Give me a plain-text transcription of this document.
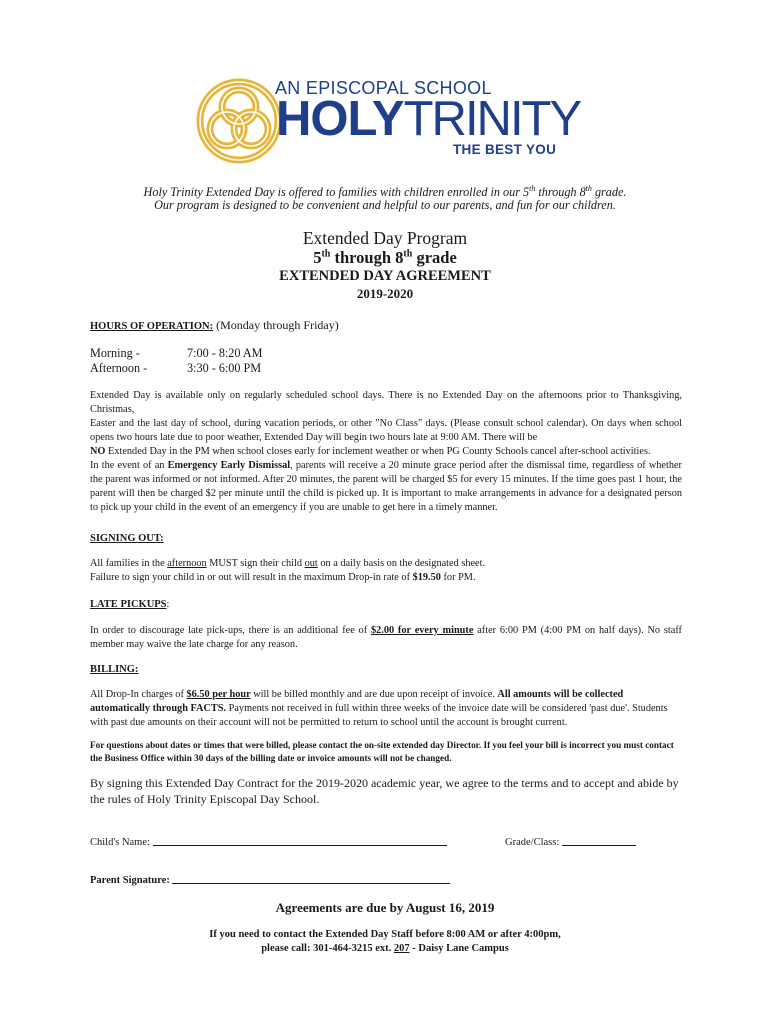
AN EPISCOPAL SCHOOL
HOLYTRINITY
THE BEST YOU
Holy Trinity Extended Day is offered to families with children enrolled in our 5th through 8th grade.
Our program is designed to be convenient and helpful to our parents, and fun for our children.
Extended Day Program
5th through 8th grade
EXTENDED DAY AGREEMENT
2019-2020
HOURS OF OPERATION: (Monday through Friday)
Morning -	7:00 - 8:20 AM
Afternoon -	3:30 - 6:00 PM
Extended Day is available only on regularly scheduled school days. There is no Extended Day on the afternoons prior to Thanksgiving, Christmas,
Easter and the last day of school, during vacation periods, or other "No Class" days. (Please consult school calendar). On days when school opens two hours late due to poor weather, Extended Day will begin two hours late at 9:00 AM. There will be
NO Extended Day in the PM when school closes early for inclement weather or when PG County Schools cancel after-school activities.
In the event of an Emergency Early Dismissal, parents will receive a 20 minute grace period after the dismissal time, regardless of whether the parent was informed or not informed. After 20 minutes, the parent will be charged $5 for every 15 minutes. If the time goes past 1 hour, the parent will then be charged $2 per minute until the child is picked up. It is important to make arrangements in advance for a designated person to pick up your child in the event of an emergency if you are unable to get here in a timely manner.
SIGNING OUT:
All families in the afternoon MUST sign their child out on a daily basis on the designated sheet.
Failure to sign your child in or out will result in the maximum Drop-in rate of $19.50 for PM.
LATE PICKUPS:
In order to discourage late pick-ups, there is an additional fee of $2.00 for every minute after 6:00 PM (4:00 PM on half days). No staff member may waive the late charge for any reason.
BILLING:
All Drop-In charges of $6.50 per hour will be billed monthly and are due upon receipt of invoice. All amounts will be collected automatically through FACTS. Payments not received in full within three weeks of the invoice date will be considered 'past due'. Students with past due amounts on their account will not be permitted to return to school until the account is brought current.
For questions about dates or times that were billed, please contact the on-site extended day Director. If you feel your bill is incorrect you must contact the Business Office within 30 days of the billing date or invoice amounts will not be changed.
By signing this Extended Day Contract for the 2019-2020 academic year, we agree to the terms and to accept and abide by the rules of Holy Trinity Episcopal Day School.
Child's Name:	Grade/Class:
Parent Signature:
Agreements are due by August 16, 2019
If you need to contact the Extended Day Staff before 8:00 AM or after 4:00pm,
please call: 301-464-3215 ext. 207 - Daisy Lane Campus
